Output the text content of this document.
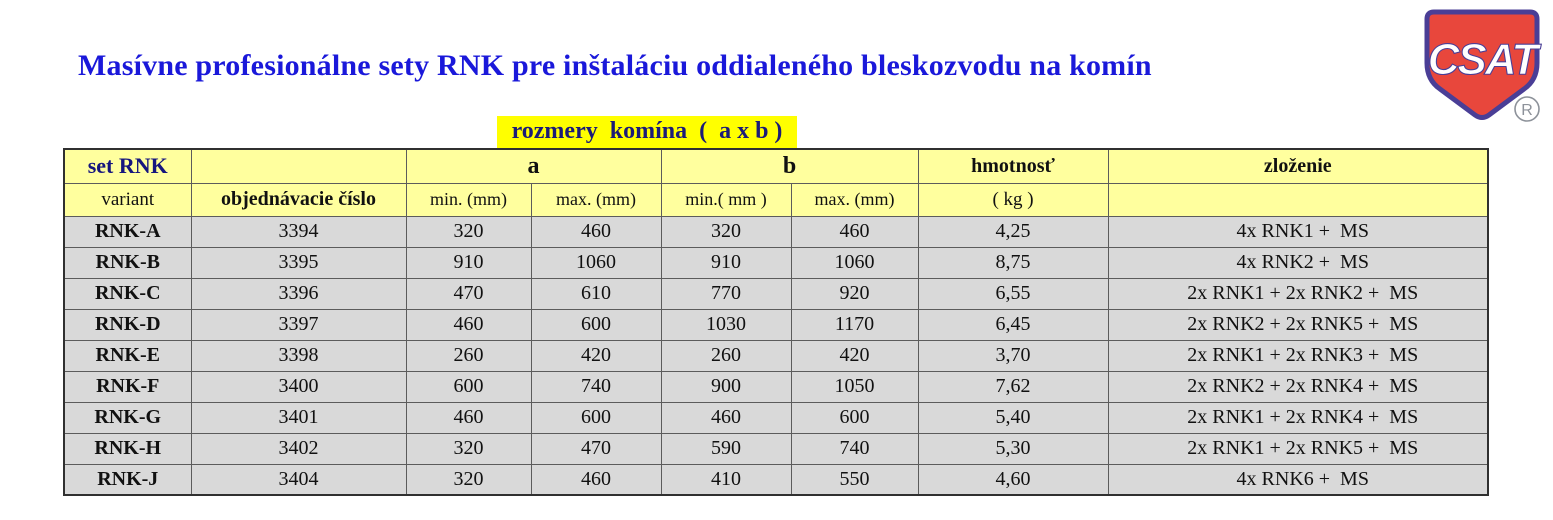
Masívne profesionálne sety RNK pre inštaláciu oddialeného bleskozvodu na komín	CSAT
R
rozmery  komína  (  a x b )
set RNK		a		b		hmotnosť	zloženie
variant	objednávacie číslo	min. (mm)	max. (mm)	min.( mm )	max. (mm)	( kg )	
RNK-A	3394	320	460	320	460	4,25	4x RNK1 +  MS
RNK-B	3395	910	1060	910	1060	8,75	4x RNK2 +  MS
RNK-C	3396	470	610	770	920	6,55	2x RNK1 + 2x RNK2 +  MS
RNK-D	3397	460	600	1030	1170	6,45	2x RNK2 + 2x RNK5 +  MS
RNK-E	3398	260	420	260	420	3,70	2x RNK1 + 2x RNK3 +  MS
RNK-F	3400	600	740	900	1050	7,62	2x RNK2 + 2x RNK4 +  MS
RNK-G	3401	460	600	460	600	5,40	2x RNK1 + 2x RNK4 +  MS
RNK-H	3402	320	470	590	740	5,30	2x RNK1 + 2x RNK5 +  MS
RNK-J	3404	320	460	410	550	4,60	4x RNK6 +  MS
